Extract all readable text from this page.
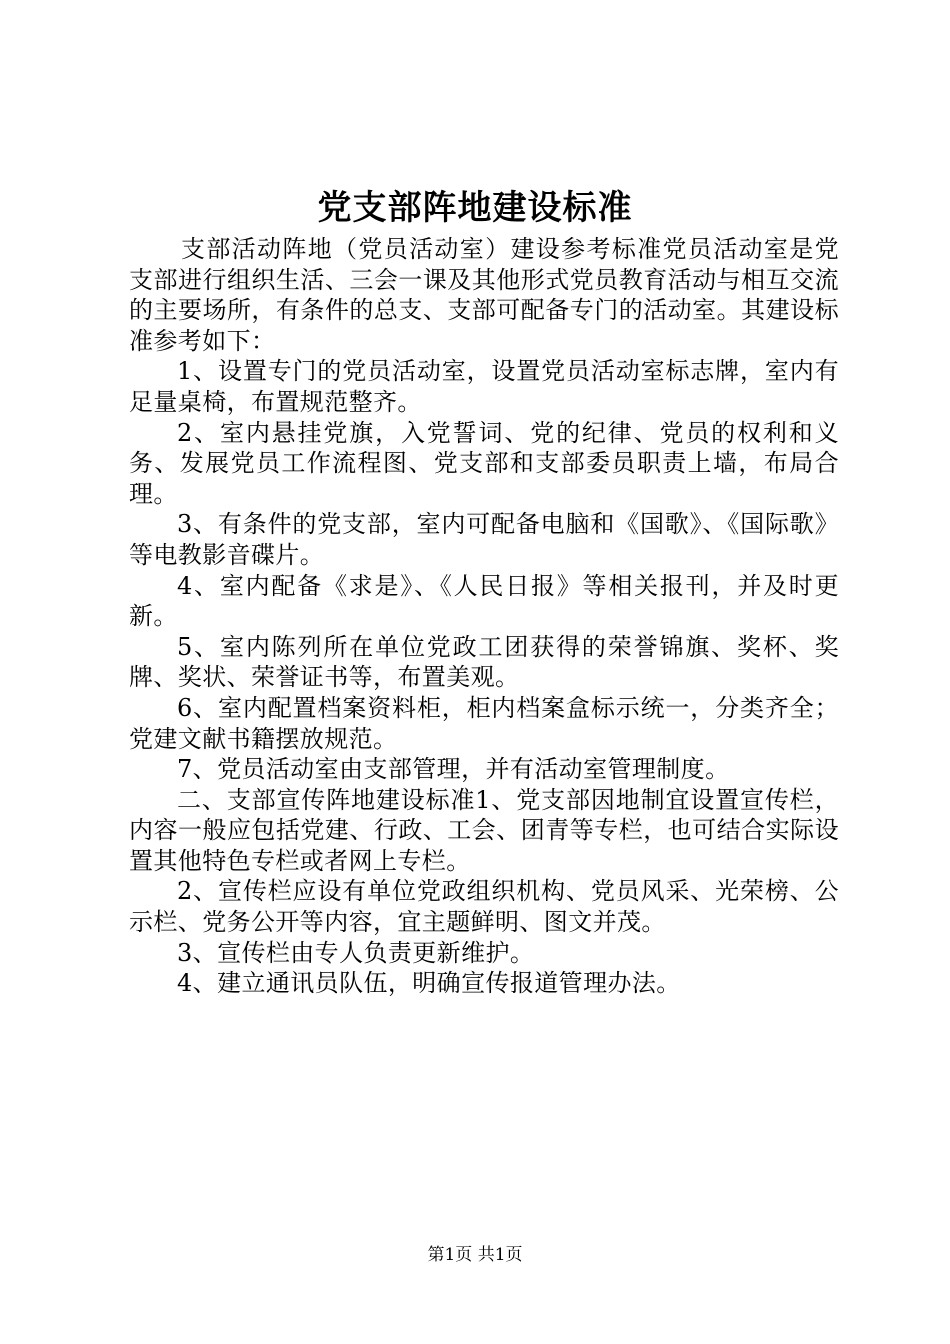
党支部阵地建设标准

支部活动阵地（党员活动室）建设参考标准党员活动室是党支部进行组织生活、三会一课及其他形式党员教育活动与相互交流的主要场所，有条件的总支、支部可配备专门的活动室。其建设标准参考如下：

1、设置专门的党员活动室，设置党员活动室标志牌，室内有足量桌椅，布置规范整齐。

2、室内悬挂党旗，入党誓词、党的纪律、党员的权利和义务、发展党员工作流程图、党支部和支部委员职责上墙，布局合理。

3、有条件的党支部，室内可配备电脑和《国歌》、《国际歌》等电教影音碟片。

4、室内配备《求是》、《人民日报》等相关报刊，并及时更新。

5、室内陈列所在单位党政工团获得的荣誉锦旗、奖杯、奖牌、奖状、荣誉证书等，布置美观。

6、室内配置档案资料柜，柜内档案盒标示统一，分类齐全；党建文献书籍摆放规范。

7、党员活动室由支部管理，并有活动室管理制度。

二、支部宣传阵地建设标准1、党支部因地制宜设置宣传栏，内容一般应包括党建、行政、工会、团青等专栏，也可结合实际设置其他特色专栏或者网上专栏。

2、宣传栏应设有单位党政组织机构、党员风采、光荣榜、公示栏、党务公开等内容，宜主题鲜明、图文并茂。

3、宣传栏由专人负责更新维护。

4、建立通讯员队伍，明确宣传报道管理办法。

第1页 共1页
